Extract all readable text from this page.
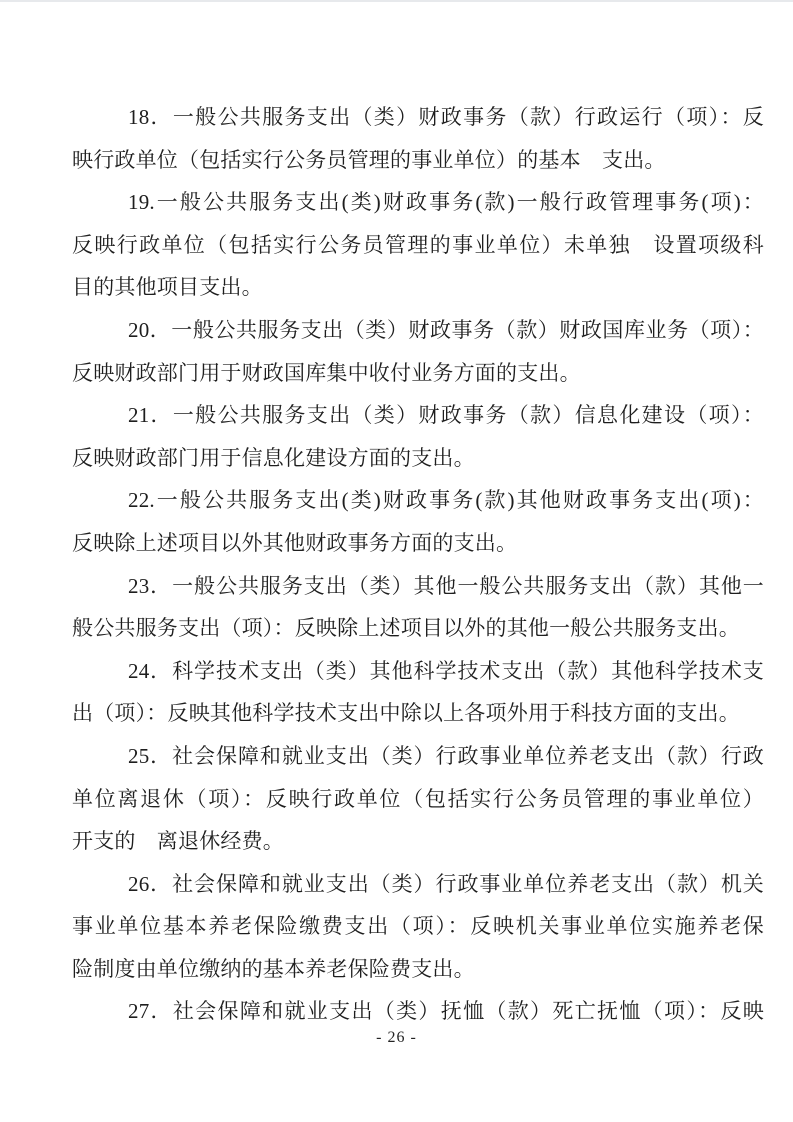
18．一般公共服务支出（类）财政事务（款）行政运行（项）：反
映行政单位（包括实行公务员管理的事业单位）的基本　支出。
19.一般公共服务支出(类)财政事务(款)一般行政管理事务(项)：
反映行政单位（包括实行公务员管理的事业单位）未单独　设置项级科
目的其他项目支出。
20．一般公共服务支出（类）财政事务（款）财政国库业务（项）：
反映财政部门用于财政国库集中收付业务方面的支出。
21．一般公共服务支出（类）财政事务（款）信息化建设（项）：
反映财政部门用于信息化建设方面的支出。
22.一般公共服务支出(类)财政事务(款)其他财政事务支出(项)：
反映除上述项目以外其他财政事务方面的支出。
23．一般公共服务支出（类）其他一般公共服务支出（款）其他一
般公共服务支出（项）：反映除上述项目以外的其他一般公共服务支出。
24．科学技术支出（类）其他科学技术支出（款）其他科学技术支
出（项）：反映其他科学技术支出中除以上各项外用于科技方面的支出。
25．社会保障和就业支出（类）行政事业单位养老支出（款）行政
单位离退休（项）：反映行政单位（包括实行公务员管理的事业单位）
开支的　离退休经费。
26．社会保障和就业支出（类）行政事业单位养老支出（款）机关
事业单位基本养老保险缴费支出（项）：反映机关事业单位实施养老保
险制度由单位缴纳的基本养老保险费支出。
27．社会保障和就业支出（类）抚恤（款）死亡抚恤（项）：反映
- 26 -
